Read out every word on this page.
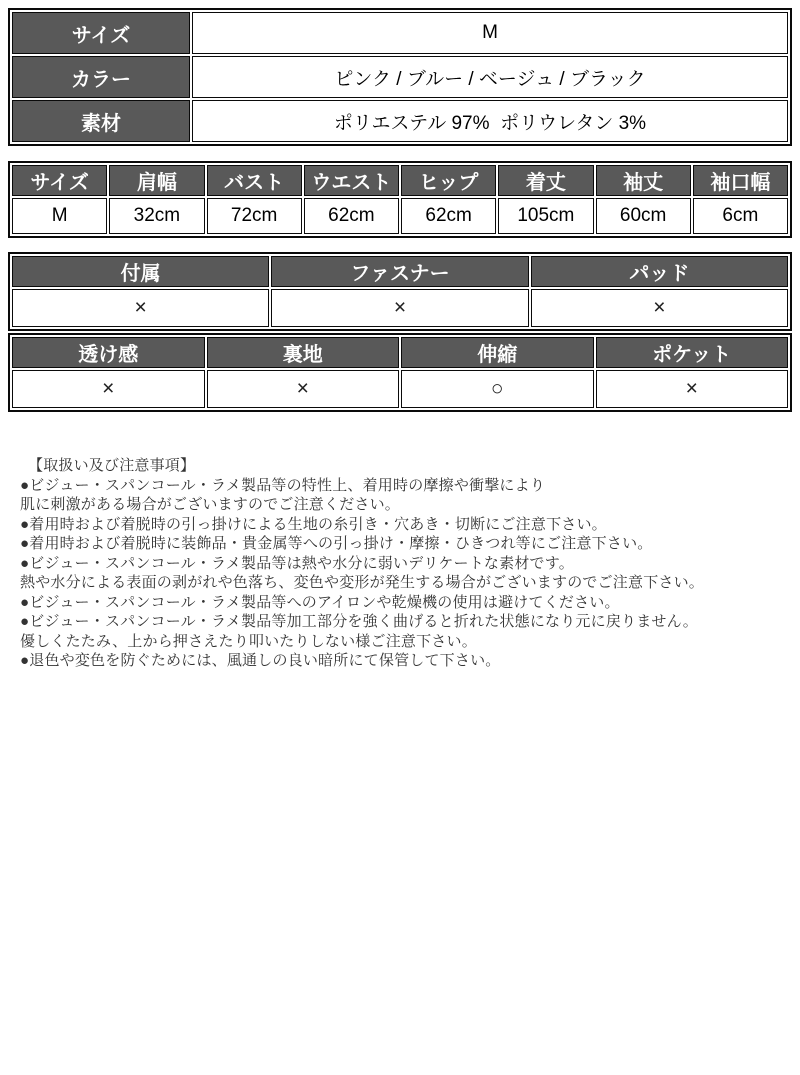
サイズ	M
カラー	ピンク / ブルー / ベージュ / ブラック
素材	ポリエステル 97%  ポリウレタン 3%
サイズ	肩幅	バスト	ウエスト	ヒップ	着丈	袖丈	袖口幅
M	32cm	72cm	62cm	62cm	105cm	60cm	6cm
付属	ファスナー	パッド
×	×	×
透け感	裏地	伸縮	ポケット
×	×	○	×
【取扱い及び注意事項】
●ビジュー・スパンコール・ラメ製品等の特性上、着用時の摩擦や衝撃により
肌に刺激がある場合がございますのでご注意ください。
●着用時および着脱時の引っ掛けによる生地の糸引き・穴あき・切断にご注意下さい。
●着用時および着脱時に装飾品・貴金属等への引っ掛け・摩擦・ひきつれ等にご注意下さい。
●ビジュー・スパンコール・ラメ製品等は熱や水分に弱いデリケートな素材です。
熱や水分による表面の剥がれや色落ち、変色や変形が発生する場合がございますのでご注意下さい。
●ビジュー・スパンコール・ラメ製品等へのアイロンや乾燥機の使用は避けてください。
●ビジュー・スパンコール・ラメ製品等加工部分を強く曲げると折れた状態になり元に戻りません。
優しくたたみ、上から押さえたり叩いたりしない様ご注意下さい。
●退色や変色を防ぐためには、風通しの良い暗所にて保管して下さい。
